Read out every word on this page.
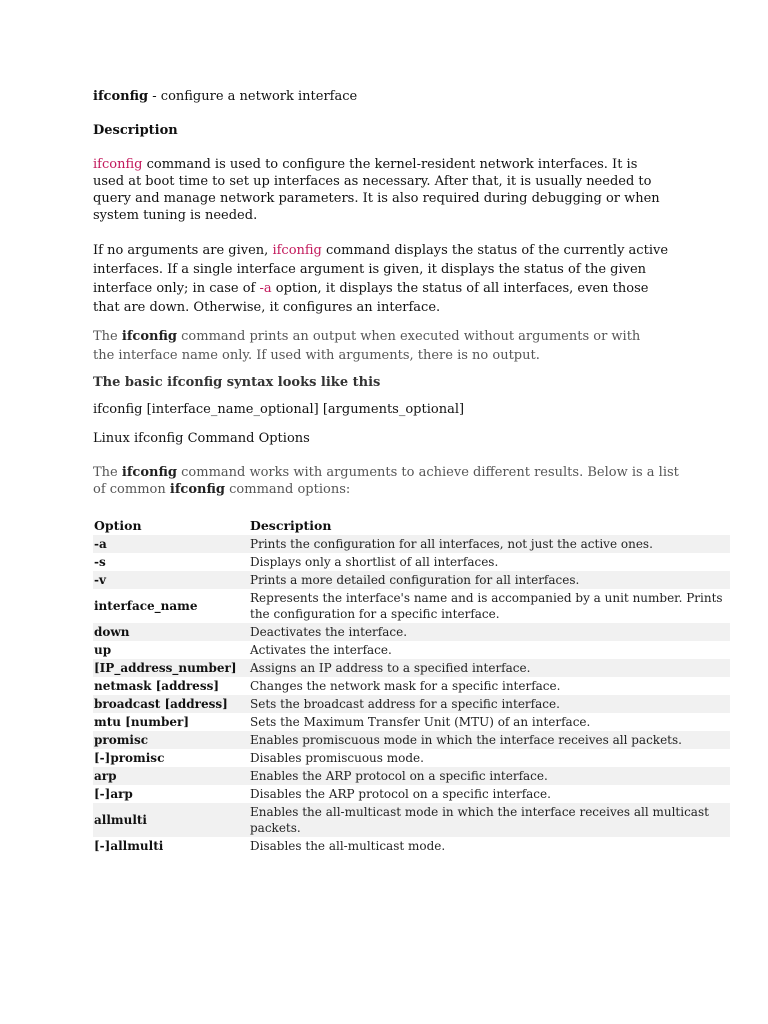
ifconfig - configure a network interface

Description

ifconfig command is used to configure the kernel-resident network interfaces. It is used at boot time to set up interfaces as necessary. After that, it is usually needed to query and manage network parameters. It is also required during debugging or when system tuning is needed.

If no arguments are given, ifconfig command displays the status of the currently active interfaces. If a single interface argument is given, it displays the status of the given interface only; in case of -a option, it displays the status of all interfaces, even those that are down. Otherwise, it configures an interface.

The ifconfig command prints an output when executed without arguments or with the interface name only. If used with arguments, there is no output.

The basic ifconfig syntax looks like this

ifconfig [interface_name_optional] [arguments_optional]

Linux ifconfig Command Options

The ifconfig command works with arguments to achieve different results. Below is a list of common ifconfig command options:

Option	Description
-a	Prints the configuration for all interfaces, not just the active ones.
-s	Displays only a shortlist of all interfaces.
-v	Prints a more detailed configuration for all interfaces.
interface_name	Represents the interface's name and is accompanied by a unit number. Prints the configuration for a specific interface.
down	Deactivates the interface.
up	Activates the interface.
[IP_address_number]	Assigns an IP address to a specified interface.
netmask [address]	Changes the network mask for a specific interface.
broadcast [address]	Sets the broadcast address for a specific interface.
mtu [number]	Sets the Maximum Transfer Unit (MTU) of an interface.
promisc	Enables promiscuous mode in which the interface receives all packets.
[-]promisc	Disables promiscuous mode.
arp	Enables the ARP protocol on a specific interface.
[-]arp	Disables the ARP protocol on a specific interface.
allmulti	Enables the all-multicast mode in which the interface receives all multicast packets.
[-]allmulti	Disables the all-multicast mode.
